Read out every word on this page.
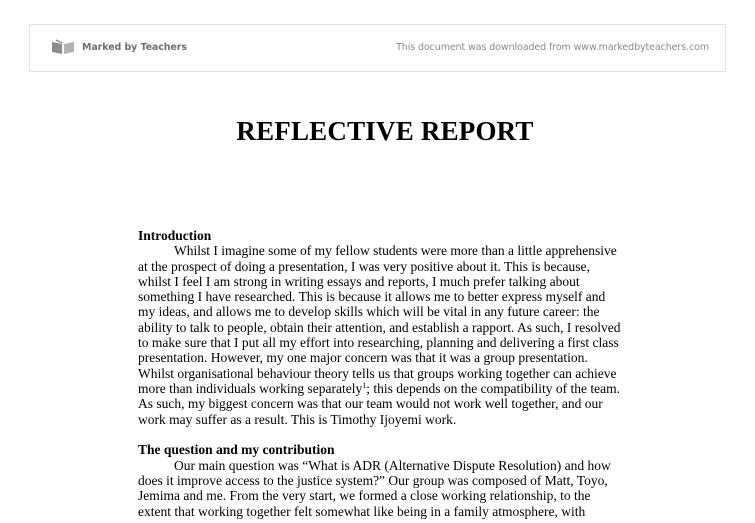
Marked by Teachers	This document was downloaded from www.markedbyteachers.com
REFLECTIVE REPORT
Introduction
Whilst I imagine some of my fellow students were more than a little apprehensive
at the prospect of doing a presentation, I was very positive about it. This is because,
whilst I feel I am strong in writing essays and reports, I much prefer talking about
something I have researched. This is because it allows me to better express myself and
my ideas, and allows me to develop skills which will be vital in any future career: the
ability to talk to people, obtain their attention, and establish a rapport. As such, I resolved
to make sure that I put all my effort into researching, planning and delivering a first class
presentation. However, my one major concern was that it was a group presentation.
Whilst organisational behaviour theory tells us that groups working together can achieve
more than individuals working separately$^1$; this depends on the compatibility of the team.
As such, my biggest concern was that our team would not work well together, and our
work may suffer as a result. This is Timothy Ijoyemi work.
The question and my contribution
Our main question was “What is ADR (Alternative Dispute Resolution) and how
does it improve access to the justice system?” Our group was composed of Matt, Toyo,
Jemima and me. From the very start, we formed a close working relationship, to the
extent that working together felt somewhat like being in a family atmosphere, with
